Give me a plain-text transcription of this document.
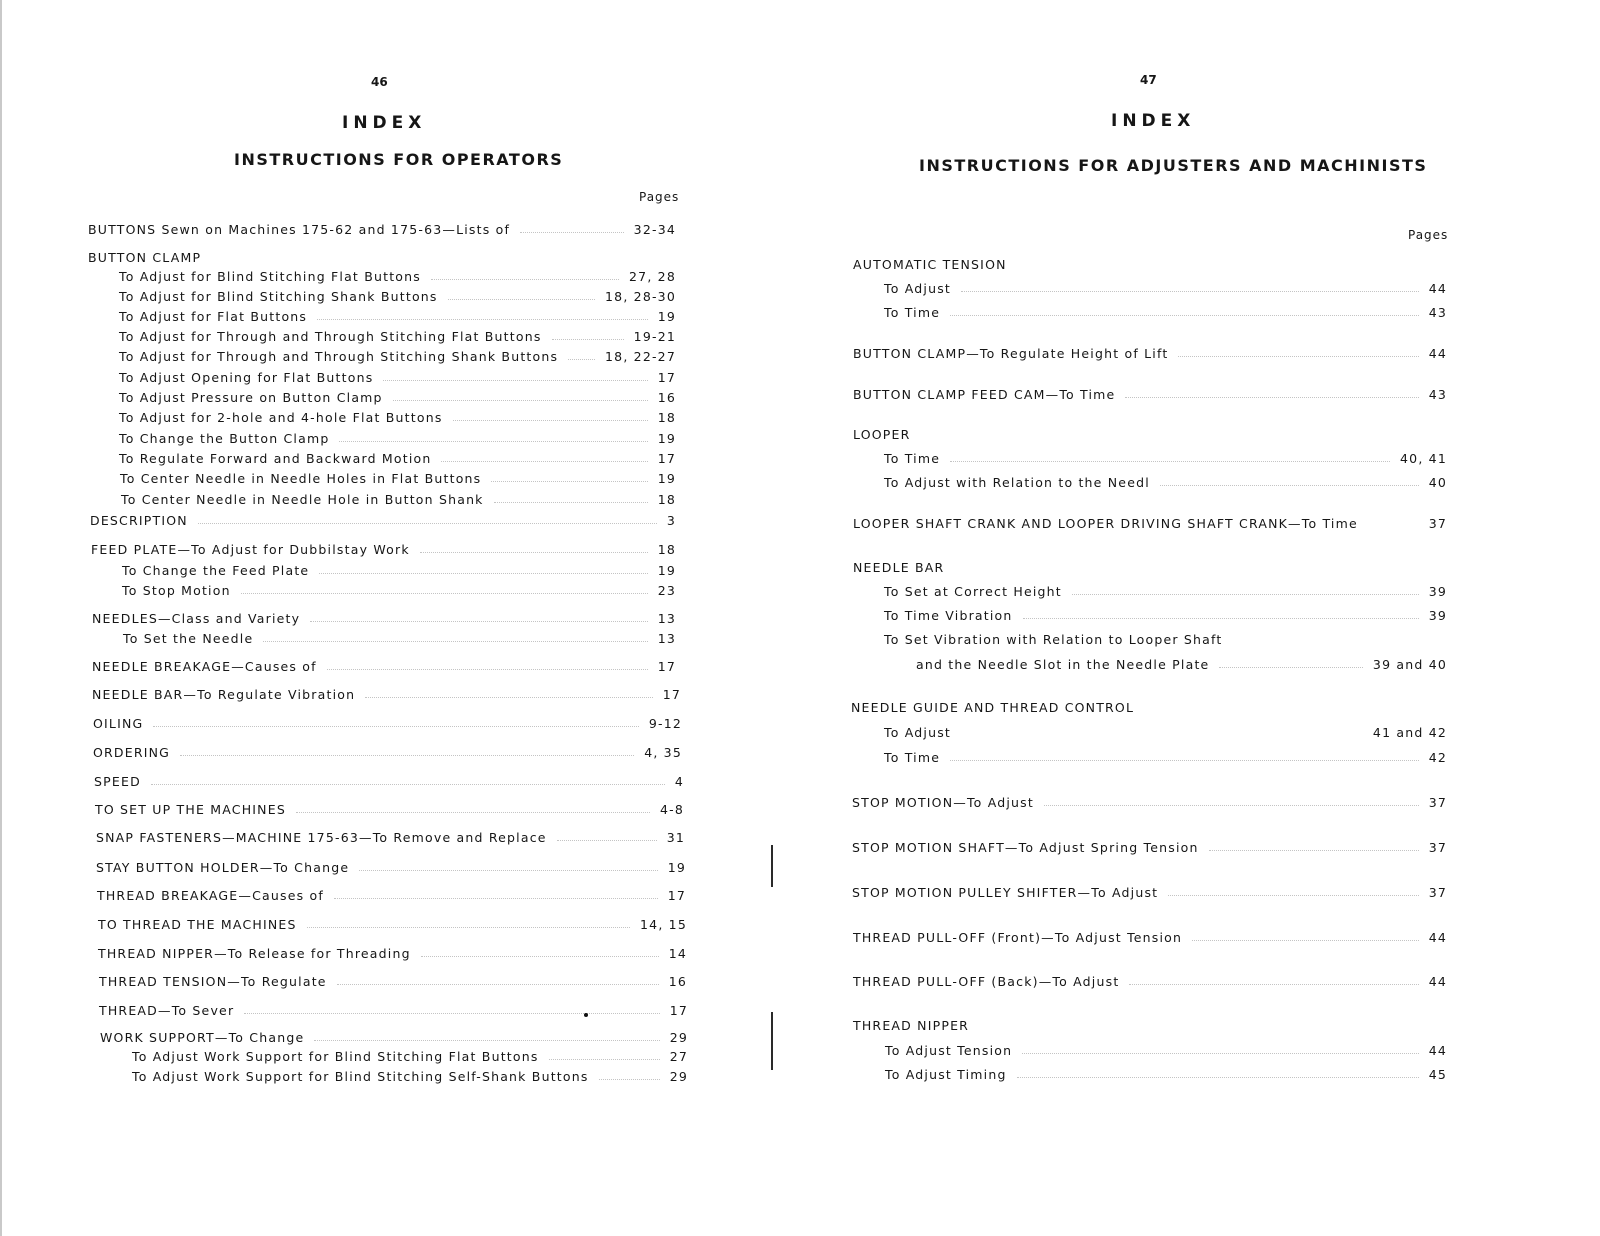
46
INDEX
INSTRUCTIONS FOR OPERATORS
Pages
BUTTONS Sewn on Machines 175-62 and 175-63—Lists of	32-34
BUTTON CLAMP
To Adjust for Blind Stitching Flat Buttons	27, 28
To Adjust for Blind Stitching Shank Buttons	18, 28-30
To Adjust for Flat Buttons	19
To Adjust for Through and Through Stitching Flat Buttons	19-21
To Adjust for Through and Through Stitching Shank Buttons	18, 22-27
To Adjust Opening for Flat Buttons	17
To Adjust Pressure on Button Clamp	16
To Adjust for 2-hole and 4-hole Flat Buttons	18
To Change the Button Clamp	19
To Regulate Forward and Backward Motion	17
To Center Needle in Needle Holes in Flat Buttons	19
To Center Needle in Needle Hole in Button Shank	18
DESCRIPTION	3
FEED PLATE—To Adjust for Dubbilstay Work	18
To Change the Feed Plate	19
To Stop Motion	23
NEEDLES—Class and Variety	13
To Set the Needle	13
NEEDLE BREAKAGE—Causes of	17
NEEDLE BAR—To Regulate Vibration	17
OILING	9-12
ORDERING	4, 35
SPEED	4
TO SET UP THE MACHINES	4-8
SNAP FASTENERS—MACHINE 175-63—To Remove and Replace	31
STAY BUTTON HOLDER—To Change	19
THREAD BREAKAGE—Causes of	17
TO THREAD THE MACHINES	14, 15
THREAD NIPPER—To Release for Threading	14
THREAD TENSION—To Regulate	16
THREAD—To Sever	17
WORK SUPPORT—To Change	29
To Adjust Work Support for Blind Stitching Flat Buttons	27
To Adjust Work Support for Blind Stitching Self-Shank Buttons	29
47
INDEX
INSTRUCTIONS FOR ADJUSTERS AND MACHINISTS
Pages
AUTOMATIC TENSION
To Adjust	44
To Time	43
BUTTON CLAMP—To Regulate Height of Lift	44
BUTTON CLAMP FEED CAM—To Time	43
LOOPER
To Time	40, 41
To Adjust with Relation to the Needl	40
LOOPER SHAFT CRANK AND LOOPER DRIVING SHAFT CRANK—To Time	37
NEEDLE BAR
To Set at Correct Height	39
To Time Vibration	39
To Set Vibration with Relation to Looper Shaft
and the Needle Slot in the Needle Plate	39 and 40
NEEDLE GUIDE AND THREAD CONTROL
To Adjust	41 and 42
To Time	42
STOP MOTION—To Adjust	37
STOP MOTION SHAFT—To Adjust Spring Tension	37
STOP MOTION PULLEY SHIFTER—To Adjust	37
THREAD PULL-OFF (Front)—To Adjust Tension	44
THREAD PULL-OFF (Back)—To Adjust	44
THREAD NIPPER
To Adjust Tension	44
To Adjust Timing	45
